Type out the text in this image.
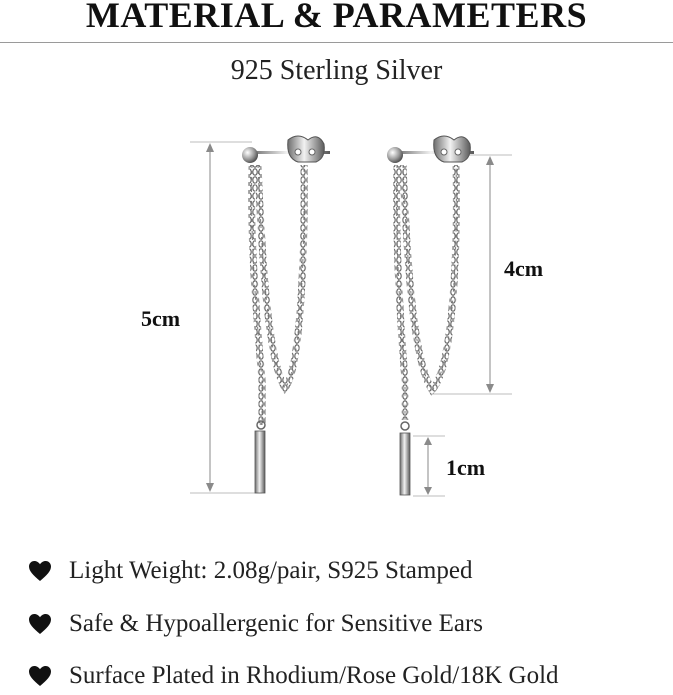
MATERIAL & PARAMETERS
925 Sterling Silver
5cm
4cm
1cm
Light Weight: 2.08g/pair, S925 Stamped
Safe & Hypoallergenic for Sensitive Ears
Surface Plated in Rhodium/Rose Gold/18K Gold
